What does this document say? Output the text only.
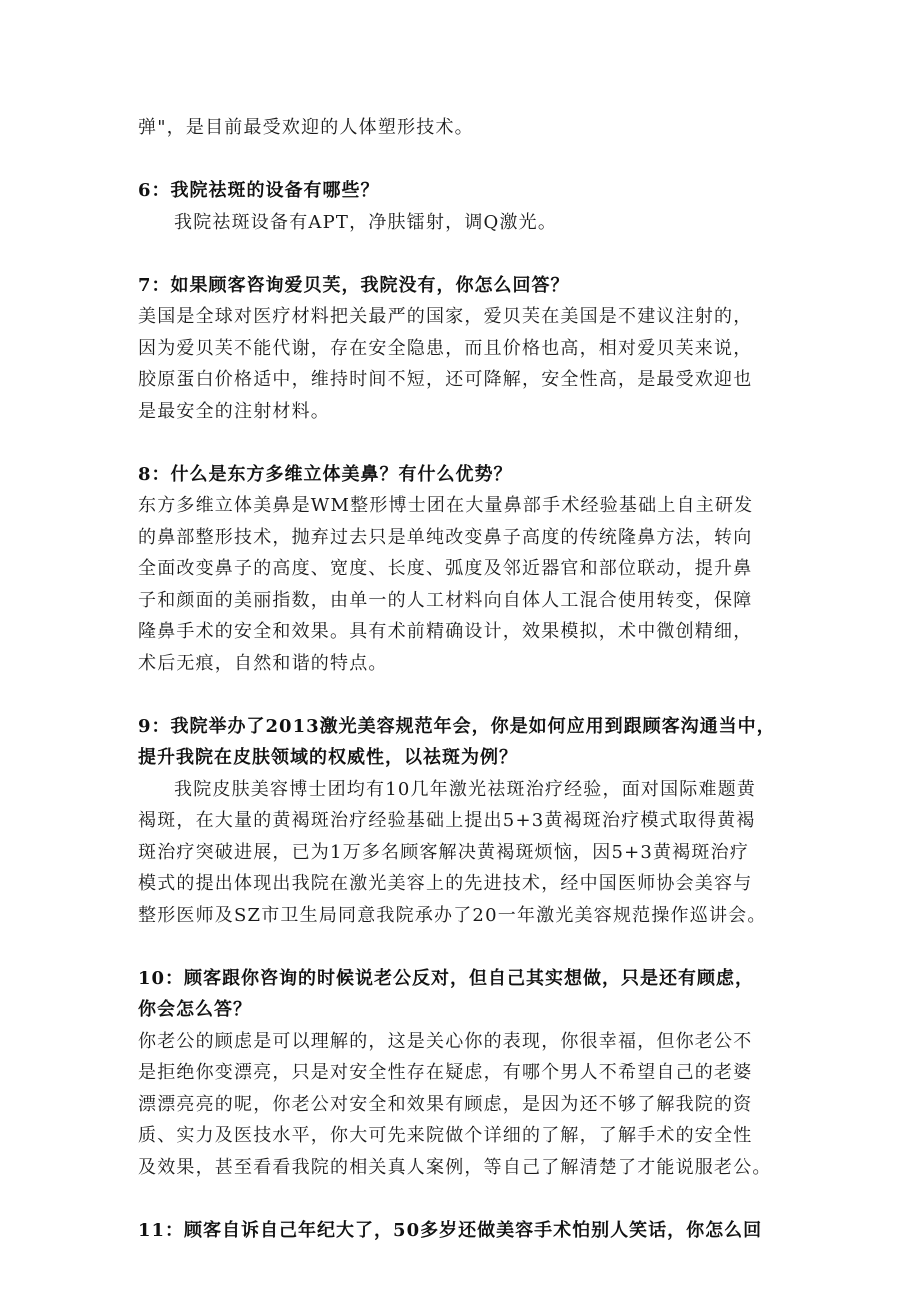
弹"，是目前最受欢迎的人体塑形技术。

6：我院祛斑的设备有哪些？

我院祛斑设备有APT，净肤镭射，调Q激光。

7：如果顾客咨询爱贝芙，我院没有，你怎么回答？

美国是全球对医疗材料把关最严的国家，爱贝芙在美国是不建议注射的，

因为爱贝芙不能代谢，存在安全隐患，而且价格也高，相对爱贝芙来说，

胶原蛋白价格适中，维持时间不短，还可降解，安全性高，是最受欢迎也

是最安全的注射材料。

8：什么是东方多维立体美鼻？有什么优势？

东方多维立体美鼻是WM整形博士团在大量鼻部手术经验基础上自主研发

的鼻部整形技术，抛弃过去只是单纯改变鼻子高度的传统隆鼻方法，转向

全面改变鼻子的高度、宽度、长度、弧度及邻近器官和部位联动，提升鼻

子和颜面的美丽指数，由单一的人工材料向自体人工混合使用转变，保障

隆鼻手术的安全和效果。具有术前精确设计，效果模拟，术中微创精细，

术后无痕，自然和谐的特点。

9：我院举办了2013激光美容规范年会，你是如何应用到跟顾客沟通当中，

提升我院在皮肤领域的权威性，以祛斑为例？

我院皮肤美容博士团均有10几年激光祛斑治疗经验，面对国际难题黄

褐斑，在大量的黄褐斑治疗经验基础上提出5+3黄褐斑治疗模式取得黄褐

斑治疗突破进展，已为1万多名顾客解决黄褐斑烦恼，因5+3黄褐斑治疗

模式的提出体现出我院在激光美容上的先进技术，经中国医师协会美容与

整形医师及SZ市卫生局同意我院承办了20一年激光美容规范操作巡讲会。

10：顾客跟你咨询的时候说老公反对，但自己其实想做，只是还有顾虑，

你会怎么答？

你老公的顾虑是可以理解的，这是关心你的表现，你很幸福，但你老公不

是拒绝你变漂亮，只是对安全性存在疑虑，有哪个男人不希望自己的老婆

漂漂亮亮的呢，你老公对安全和效果有顾虑，是因为还不够了解我院的资

质、实力及医技水平，你大可先来院做个详细的了解，了解手术的安全性

及效果，甚至看看我院的相关真人案例，等自己了解清楚了才能说服老公。

11：顾客自诉自己年纪大了，50多岁还做美容手术怕别人笑话，你怎么回
